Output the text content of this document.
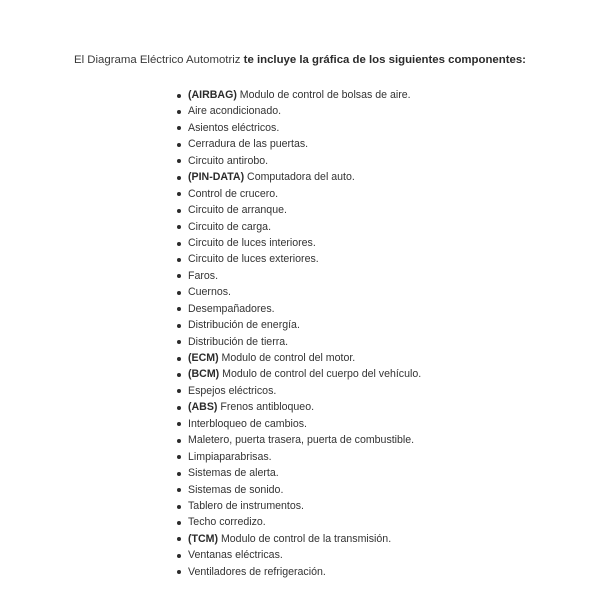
El Diagrama Eléctrico Automotriz te incluye la gráfica de los siguientes componentes:

(AIRBAG) Modulo de control de bolsas de aire.
Aire acondicionado.
Asientos eléctricos.
Cerradura de las puertas.
Circuito antirobo.
(PIN-DATA) Computadora del auto.
Control de crucero.
Circuito de arranque.
Circuito de carga.
Circuito de luces interiores.
Circuito de luces exteriores.
Faros.
Cuernos.
Desempañadores.
Distribución de energía.
Distribución de tierra.
(ECM) Modulo de control del motor.
(BCM) Modulo de control del cuerpo del vehículo.
Espejos eléctricos.
(ABS) Frenos antibloqueo.
Interbloqueo de cambios.
Maletero, puerta trasera, puerta de combustible.
Limpiaparabrisas.
Sistemas de alerta.
Sistemas de sonido.
Tablero de instrumentos.
Techo corredizo.
(TCM) Modulo de control de la transmisión.
Ventanas eléctricas.
Ventiladores de refrigeración.
